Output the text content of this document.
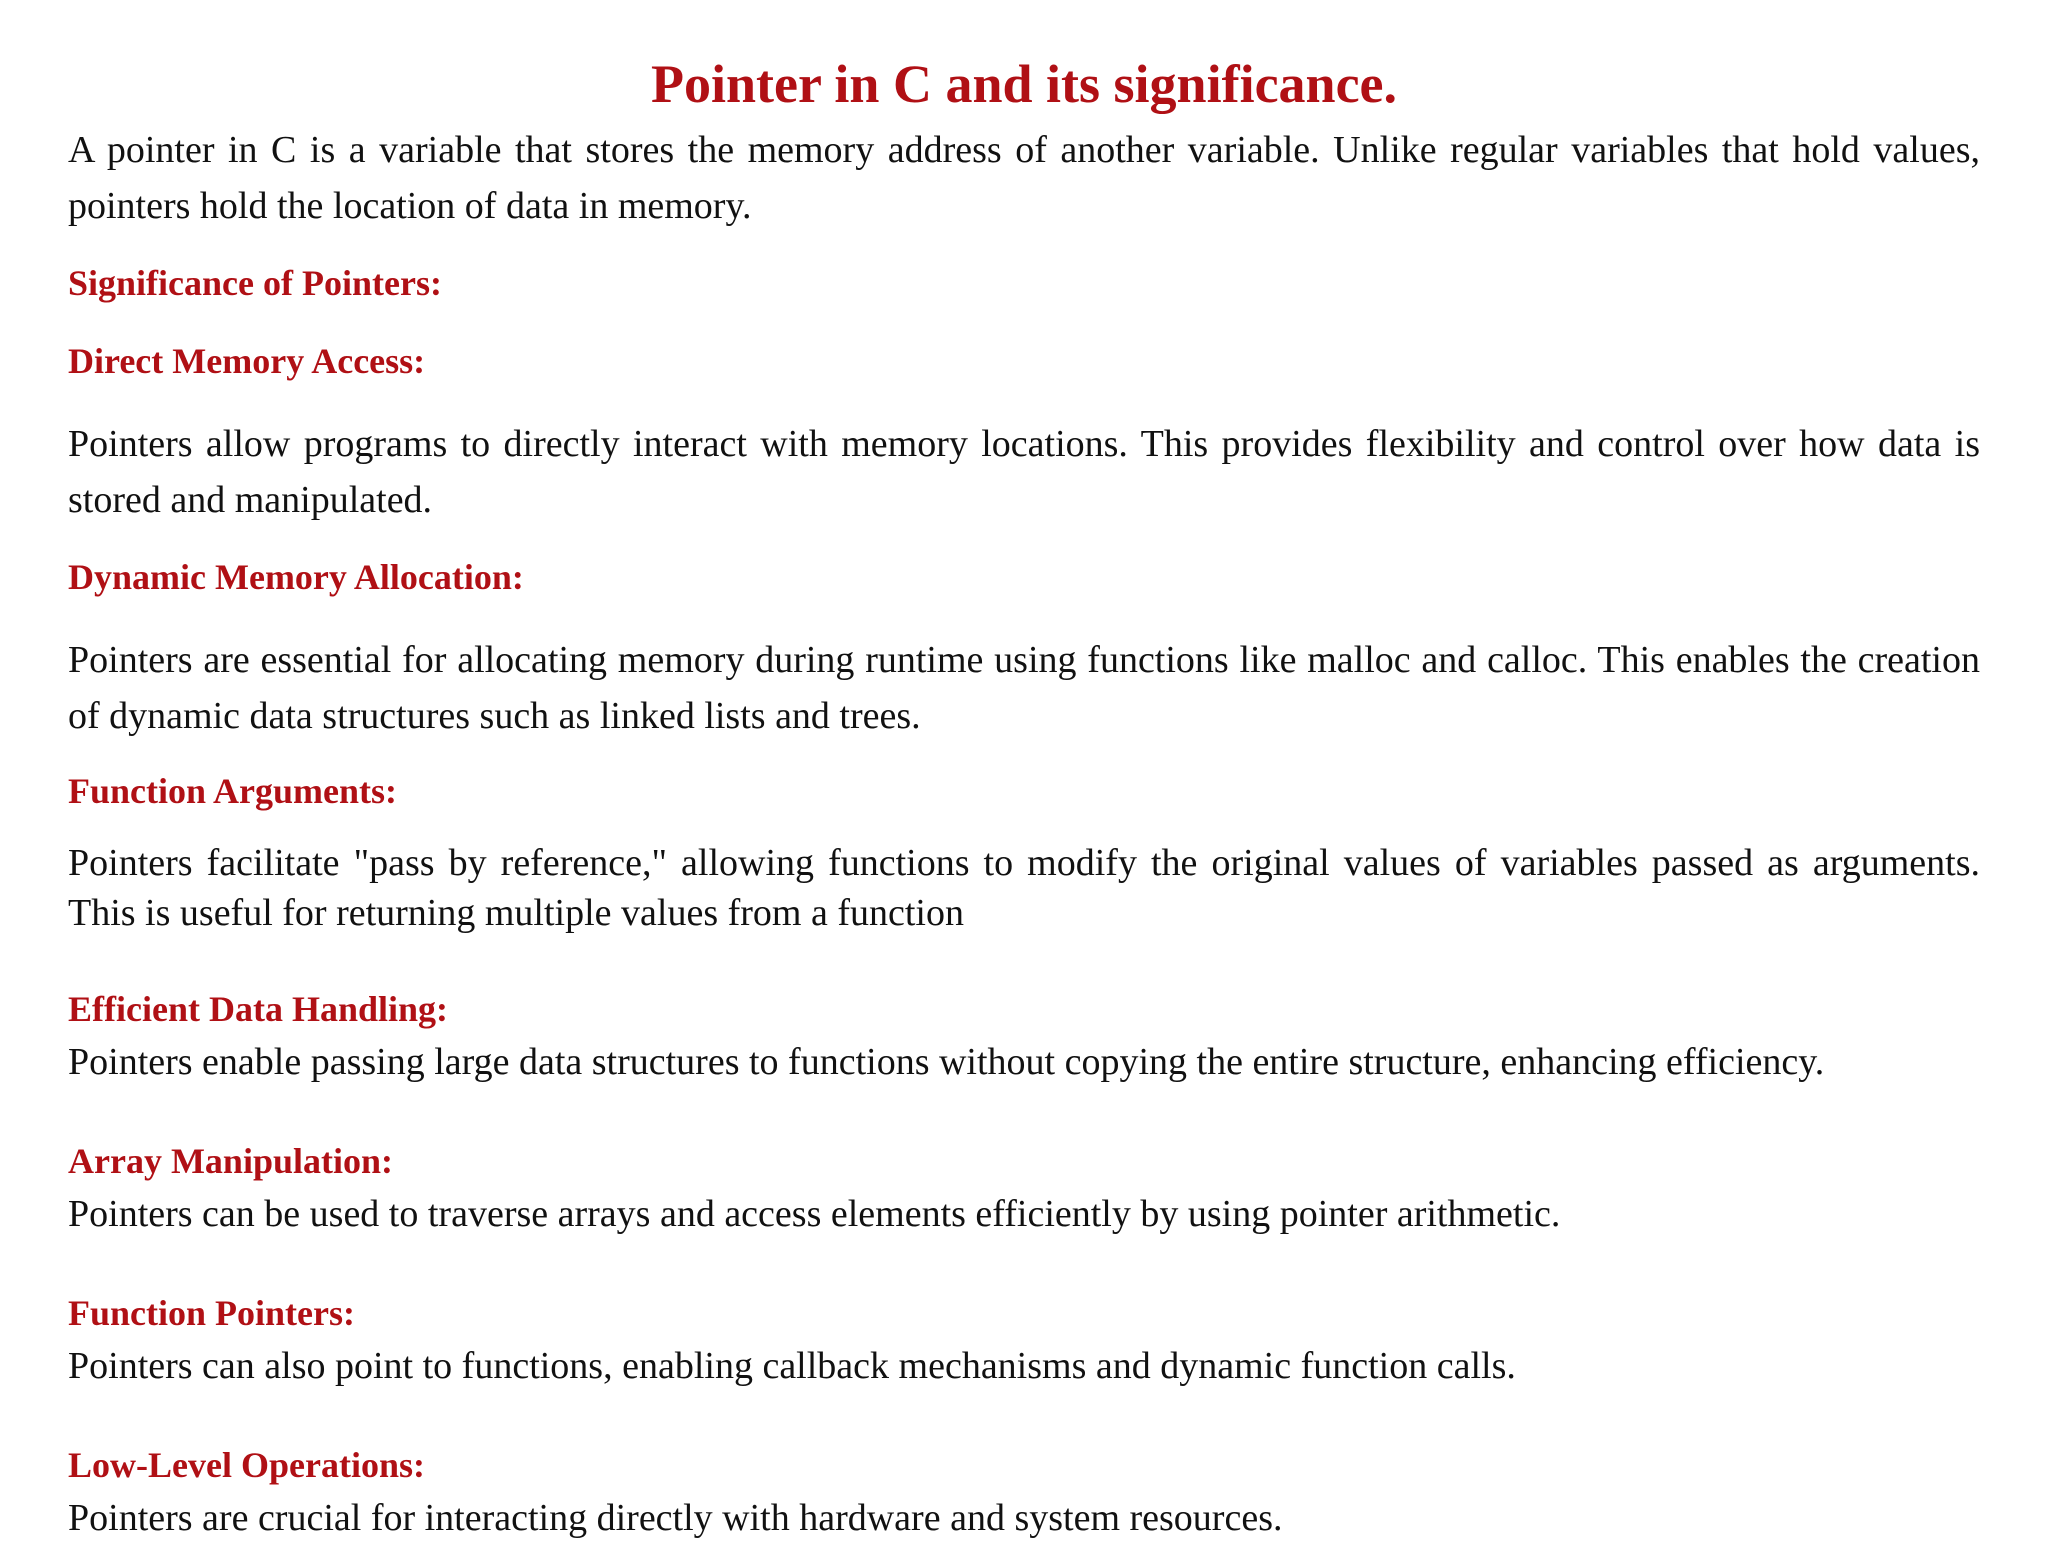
Pointer in C and its significance.

A pointer in C is a variable that stores the memory address of another variable. Unlike regular variables that hold values, pointers hold the location of data in memory.

Significance of Pointers:
Direct Memory Access:

Pointers allow programs to directly interact with memory locations. This provides flexibility and control over how data is stored and manipulated.

Dynamic Memory Allocation:

Pointers are essential for allocating memory during runtime using functions like malloc and calloc. This enables the creation of dynamic data structures such as linked lists and trees.

Function Arguments:

Pointers facilitate "pass by reference," allowing functions to modify the original values of variables passed as arguments. This is useful for returning multiple values from a function

Efficient Data Handling:

Pointers enable passing large data structures to functions without copying the entire structure, enhancing efficiency.

Array Manipulation:

Pointers can be used to traverse arrays and access elements efficiently by using pointer arithmetic.

Function Pointers:

Pointers can also point to functions, enabling callback mechanisms and dynamic function calls.

Low-Level Operations:

Pointers are crucial for interacting directly with hardware and system resources.
